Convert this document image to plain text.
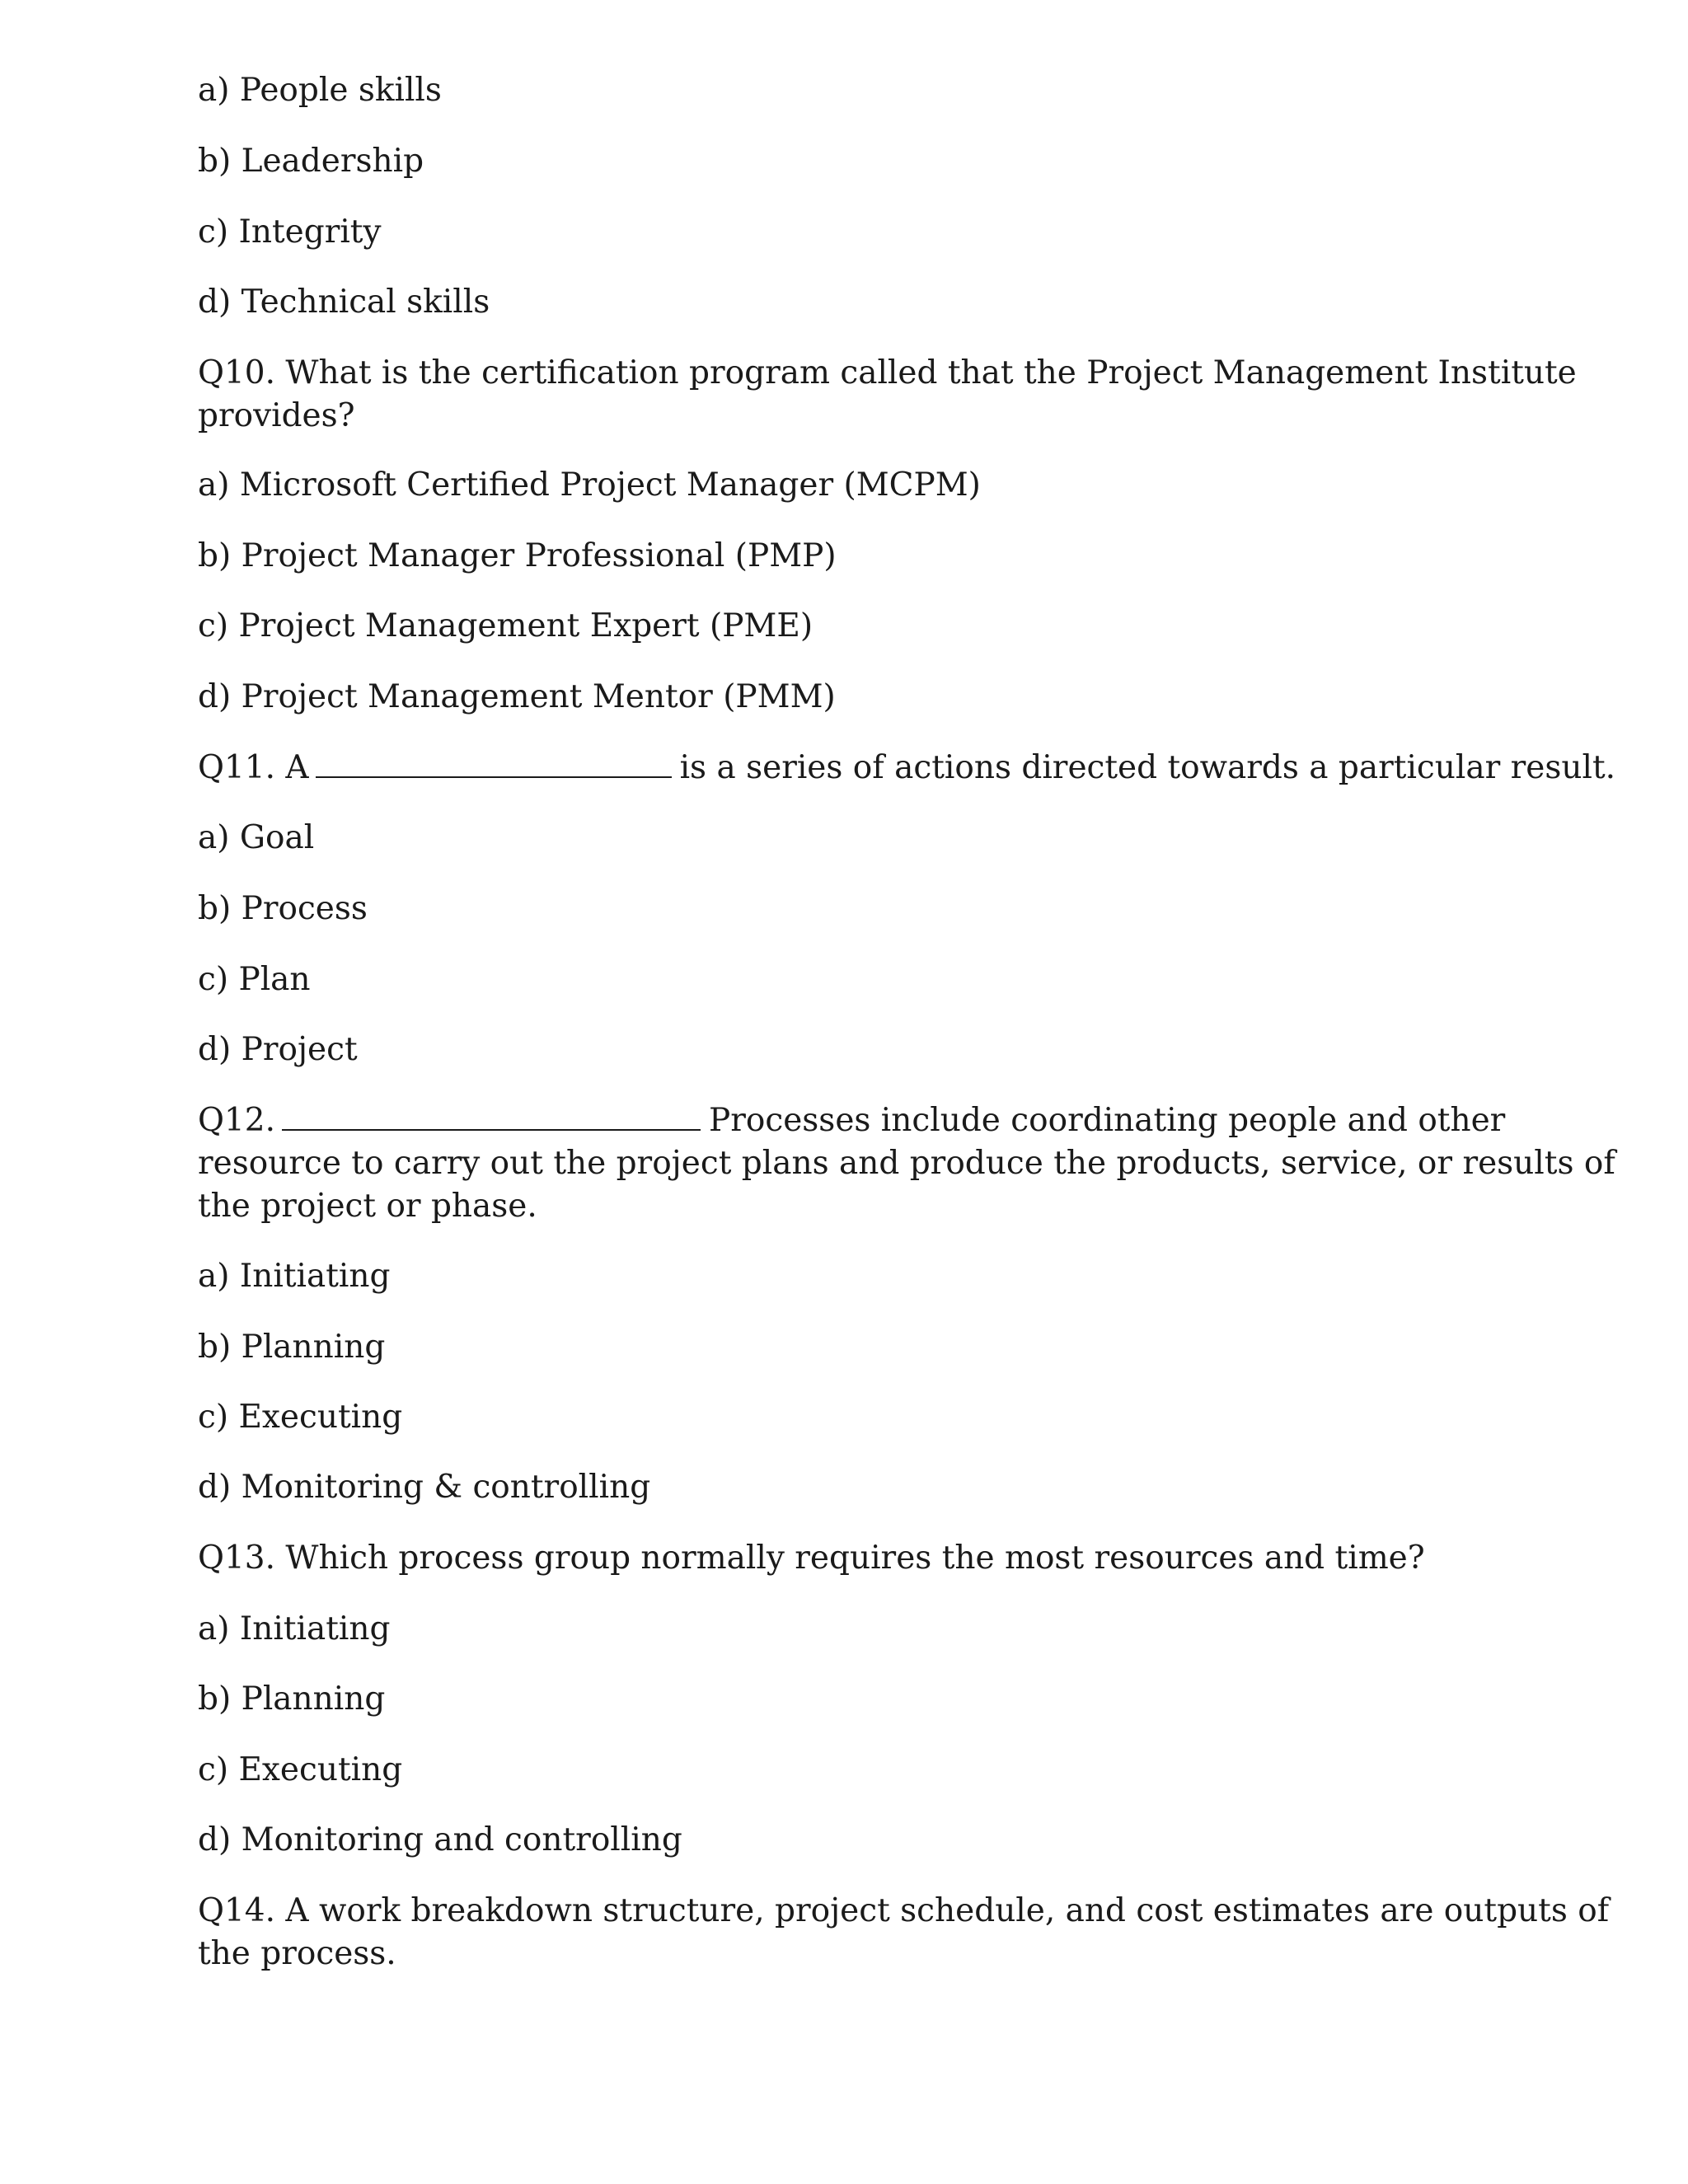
a) People skills
b) Leadership
c) Integrity
d) Technical skills
Q10. What is the certification program called that the Project Management Institute
provides?
a) Microsoft Certified Project Manager (MCPM)
b) Project Manager Professional (PMP)
c) Project Management Expert (PME)
d) Project Management Mentor (PMM)
Q11. A	is a series of actions directed towards a particular result.
a) Goal
b) Process
c) Plan
d) Project
Q12.	Processes include coordinating people and other
resource to carry out the project plans and produce the products, service, or results of
the project or phase.
a) Initiating
b) Planning
c) Executing
d) Monitoring & controlling
Q13. Which process group normally requires the most resources and time?
a) Initiating
b) Planning
c) Executing
d) Monitoring and controlling
Q14. A work breakdown structure, project schedule, and cost estimates are outputs of
the process.
